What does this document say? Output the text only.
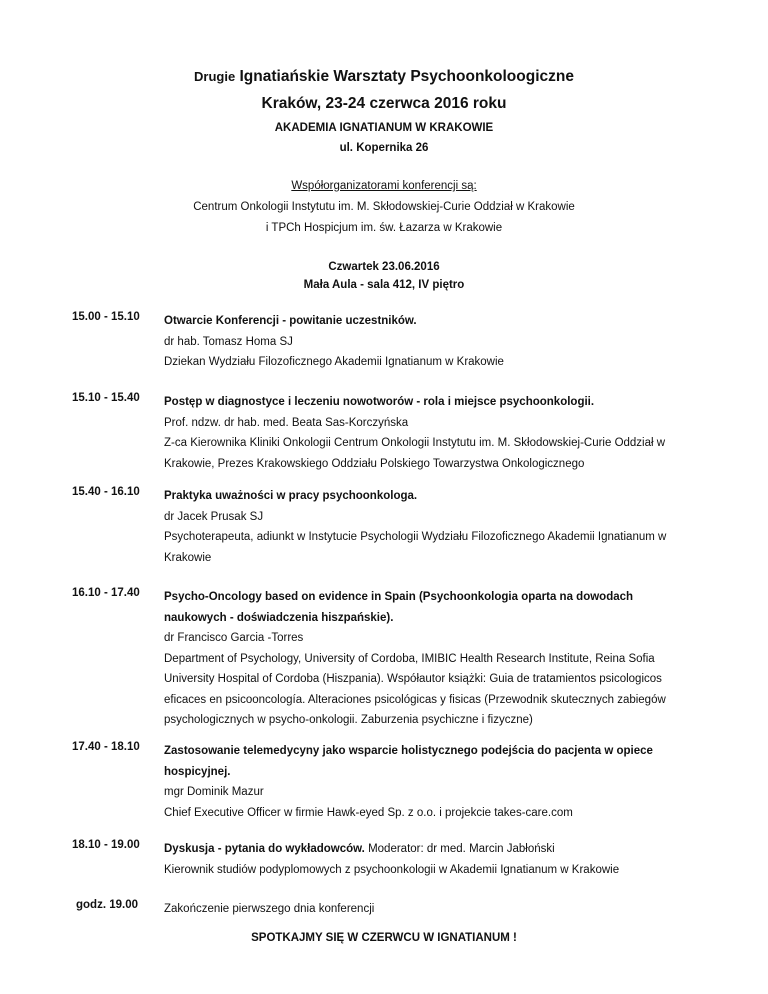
Drugie Ignatiańskie Warsztaty Psychoonkoloogiczne
Kraków, 23-24 czerwca 2016 roku
AKADEMIA IGNATIANUM W KRAKOWIE
ul. Kopernika 26
Współorganizatorami konferencji są:
Centrum Onkologii Instytutu im. M. Skłodowskiej-Curie Oddział w Krakowie
i TPCh Hospicjum im. św. Łazarza w Krakowie
Czwartek 23.06.2016
Mała Aula - sala 412, IV piętro
15.00 - 15.10 Otwarcie Konferencji - powitanie uczestników.
dr hab. Tomasz Homa SJ
Dziekan Wydziału Filozoficznego Akademii Ignatianum w Krakowie
15.10 - 15.40 Postęp w diagnostyce i leczeniu nowotworów - rola i miejsce psychoonkologii.
Prof. ndzw. dr hab. med. Beata Sas-Korczyńska
Z-ca Kierownika Kliniki Onkologii Centrum Onkologii Instytutu im. M. Skłodowskiej-Curie Oddział w
Krakowie, Prezes Krakowskiego Oddziału Polskiego Towarzystwa Onkologicznego
15.40 - 16.10 Praktyka uważności w pracy psychoonkologa.
dr Jacek Prusak SJ
Psychoterapeuta, adiunkt w Instytucie Psychologii Wydziału Filozoficznego Akademii Ignatianum w
Krakowie
16.10 - 17.40 Psycho-Oncology based on evidence in Spain (Psychoonkologia oparta na dowodach
naukowych - doświadczenia hiszpańskie).
dr Francisco Garcia -Torres
Department of Psychology, University of Cordoba, IMIBIC Health Research Institute, Reina Sofia
University Hospital of Cordoba (Hiszpania). Współautor książki: Guia de tratamientos psicologicos
eficaces en psicooncología. Alteraciones psicológicas y fisicas (Przewodnik skutecznych zabiegów
psychologicznych w psycho-onkologii. Zaburzenia psychiczne i fizyczne)
17.40 - 18.10 Zastosowanie telemedycyny jako wsparcie holistycznego podejścia do pacjenta w opiece
hospicyjnej.
mgr Dominik Mazur
Chief Executive Officer w firmie Hawk-eyed Sp. z o.o. i projekcie takes-care.com
18.10 - 19.00 Dyskusja - pytania do wykładowców. Moderator: dr med. Marcin Jabłoński
Kierownik studiów podyplomowych z psychoonkologii w Akademii Ignatianum w Krakowie
godz. 19.00 Zakończenie pierwszego dnia konferencji
SPOTKAJMY SIĘ W CZERWCU W IGNATIANUM !
